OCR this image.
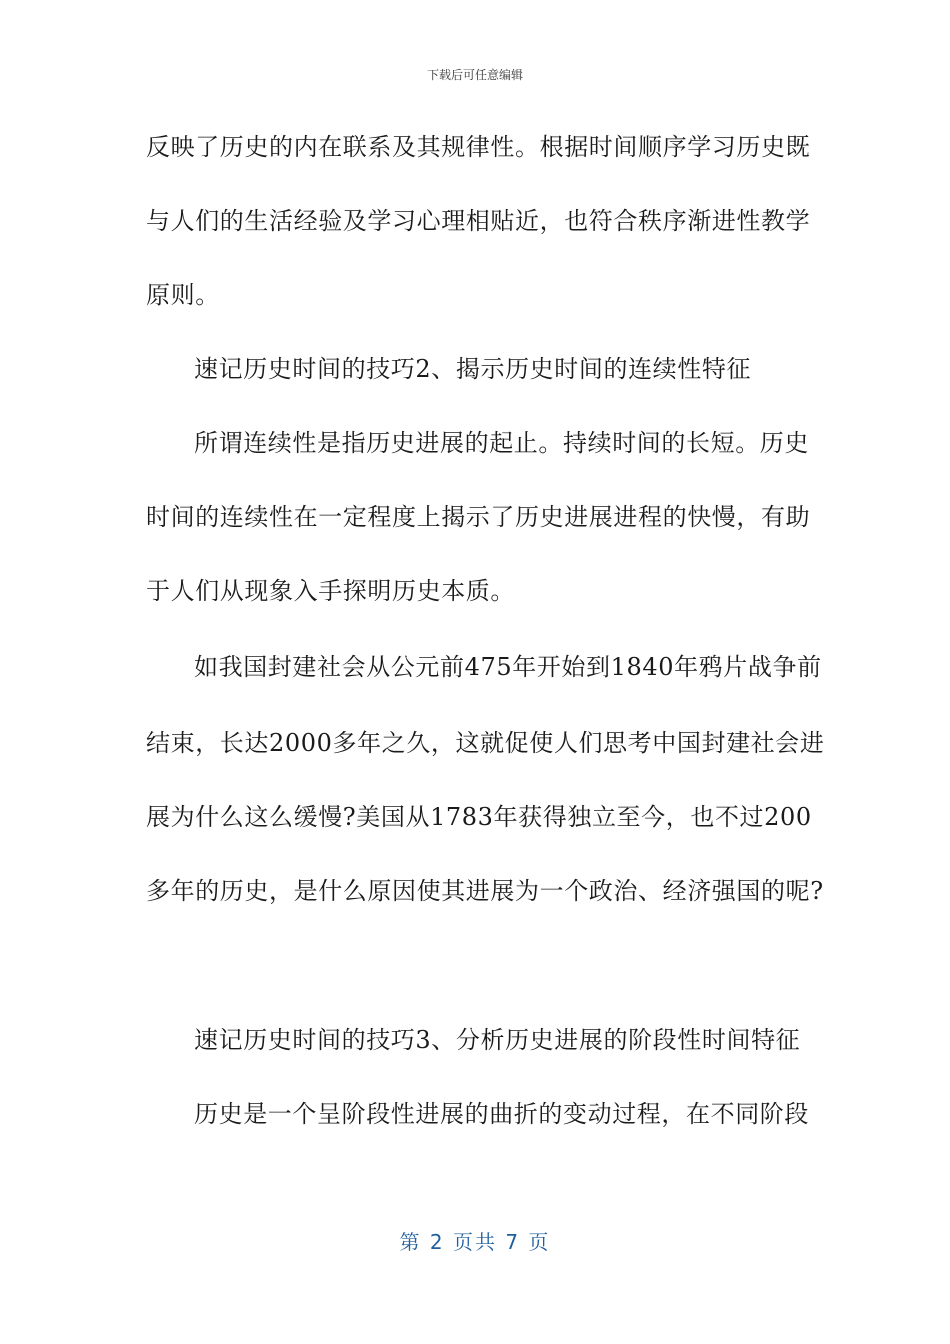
下载后可任意编辑
反映了历史的内在联系及其规律性。根据时间顺序学习历史既
与人们的生活经验及学习心理相贴近，也符合秩序渐进性教学
原则。
速记历史时间的技巧2、揭示历史时间的连续性特征
所谓连续性是指历史进展的起止。持续时间的长短。历史
时间的连续性在一定程度上揭示了历史进展进程的快慢，有助
于人们从现象入手探明历史本质。
如我国封建社会从公元前475年开始到1840年鸦片战争前
结束，长达2000多年之久，这就促使人们思考中国封建社会进
展为什么这么缓慢?美国从1783年获得独立至今，也不过200
多年的历史，是什么原因使其进展为一个政治、经济强国的呢?
速记历史时间的技巧3、分析历史进展的阶段性时间特征
历史是一个呈阶段性进展的曲折的变动过程，在不同阶段
第 2 页共 7 页
